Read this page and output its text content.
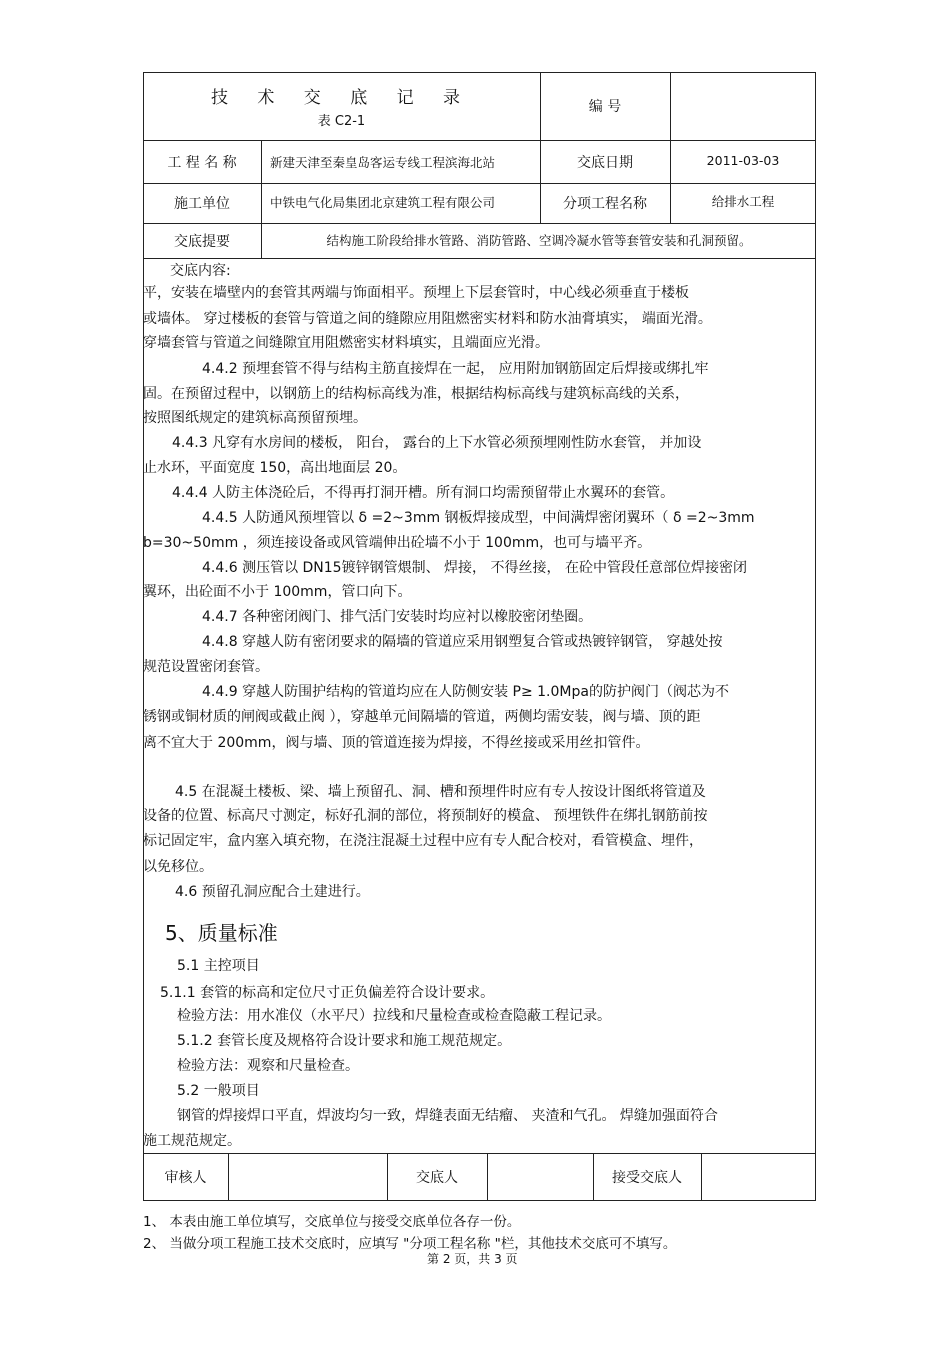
技 术 交 底 记 录
表 C2-1
编 号
工 程 名 称	新建天津至秦皇岛客运专线工程滨海北站	交底日期	2011-03-03
施工单位	中铁电气化局集团北京建筑工程有限公司	分项工程名称	给排水工程
交底提要	结构施工阶段给排水管路、消防管路、空调冷凝水管等套管安装和孔洞预留。
交底内容:
平，安装在墙壁内的套管其两端与饰面相平。预埋上下层套管时，中心线必须垂直于楼板
或墙体。 穿过楼板的套管与管道之间的缝隙应用阻燃密实材料和防水油膏填实， 端面光滑。
穿墙套管与管道之间缝隙宜用阻燃密实材料填实，且端面应光滑。
4.4.2 预埋套管不得与结构主筋直接焊在一起， 应用附加钢筋固定后焊接或绑扎牢
固。在预留过程中，以钢筋上的结构标高线为准，根据结构标高线与建筑标高线的关系，
按照图纸规定的建筑标高预留预埋。
4.4.3 凡穿有水房间的楼板， 阳台， 露台的上下水管必须预埋刚性防水套管， 并加设
止水环，平面宽度 150，高出地面层 20。
4.4.4 人防主体浇砼后，不得再打洞开槽。所有洞口均需预留带止水翼环的套管。
4.4.5 人防通风预埋管以 δ =2~3mm 钢板焊接成型，中间满焊密闭翼环（ δ =2~3mm
b=30~50mm ，须连接设备或风管端伸出砼墙不小于 100mm，也可与墙平齐。
4.4.6 测压管以 DN15镀锌钢管煨制、 焊接， 不得丝接， 在砼中管段任意部位焊接密闭
翼环，出砼面不小于 100mm，管口向下。
4.4.7 各种密闭阀门、排气活门安装时均应衬以橡胶密闭垫圈。
4.4.8 穿越人防有密闭要求的隔墙的管道应采用钢塑复合管或热镀锌钢管， 穿越处按
规范设置密闭套管。
4.4.9 穿越人防围护结构的管道均应在人防侧安装 P≥ 1.0Mpa的防护阀门（阀芯为不
锈钢或铜材质的闸阀或截止阀 ），穿越单元间隔墙的管道，两侧均需安装，阀与墙、顶的距
离不宜大于 200mm，阀与墙、顶的管道连接为焊接，不得丝接或采用丝扣管件。
4.5 在混凝土楼板、梁、墙上预留孔、洞、槽和预埋件时应有专人按设计图纸将管道及
设备的位置、标高尺寸测定，标好孔洞的部位，将预制好的模盒、 预埋铁件在绑扎钢筋前按
标记固定牢，盒内塞入填充物，在浇注混凝土过程中应有专人配合校对，看管模盒、埋件，
以免移位。
4.6 预留孔洞应配合土建进行。
5、质量标准
5.1 主控项目
5.1.1 套管的标高和定位尺寸正负偏差符合设计要求。
检验方法：用水准仪（水平尺）拉线和尺量检查或检查隐蔽工程记录。
5.1.2 套管长度及规格符合设计要求和施工规范规定。
检验方法：观察和尺量检查。
5.2 一般项目
钢管的焊接焊口平直，焊波均匀一致，焊缝表面无结瘤、 夹渣和气孔。 焊缝加强面符合
施工规范规定。
审核人	交底人	接受交底人
1、 本表由施工单位填写，交底单位与接受交底单位各存一份。
2、 当做分项工程施工技术交底时，应填写 "分项工程名称 "栏，其他技术交底可不填写。
第 2 页，共 3 页
